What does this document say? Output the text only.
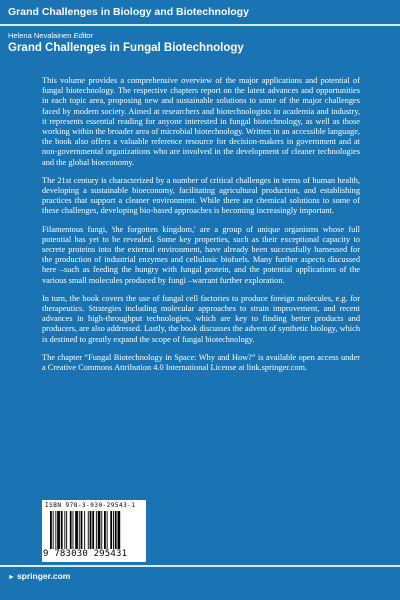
Grand Challenges in Biology and Biotechnology
Helena Nevalainen Editor
Grand Challenges in Fungal Biotechnology

This volume provides a comprehensive overview of the major applications and potential of fungal biotechnology. The respective chapters report on the latest advances and opportunities in each topic area, proposing new and sustainable solutions to some of the major challenges faced by modern society. Aimed at researchers and biotechnologists in academia and industry, it represents essential reading for anyone interested in fungal biotechnology, as well as those working within the broader area of microbial biotechnology. Written in an accessible language, the book also offers a valuable reference resource for decision-makers in government and at non-governmental organizations who are involved in the development of cleaner technologies and the global bioeconomy.

The 21st century is characterized by a number of critical challenges in terms of human health, developing a sustainable bioeconomy, facilitating agricultural production, and establishing practices that support a cleaner environment. While there are chemical solutions to some of these challenges, developing bio-based approaches is becoming increasingly important.

Filamentous fungi, 'the forgotten kingdom,' are a group of unique organisms whose full potential has yet to be revealed. Some key properties, such as their exceptional capacity to secrete proteins into the external environment, have already been successfully harnessed for the production of industrial enzymes and cellulosic biofuels. Many further aspects discussed here –such as feeding the hungry with fungal protein, and the potential applications of the various small molecules produced by fungi –warrant further exploration.

In turn, the book covers the use of fungal cell factories to produce foreign molecules, e.g. for therapeutics. Strategies including molecular approaches to strain improvement, and recent advances in high-throughput technologies, which are key to finding better products and producers, are also addressed. Lastly, the book discusses the advent of synthetic biology, which is destined to greatly expand the scope of fungal biotechnology.

The chapter “Fungal Biotechnology in Space: Why and How?” is available open access under a Creative Commons Attribution 4.0 International License at link.springer.com.

ISBN 978-3-030-29543-1
9 783030 295431
► springer.com
